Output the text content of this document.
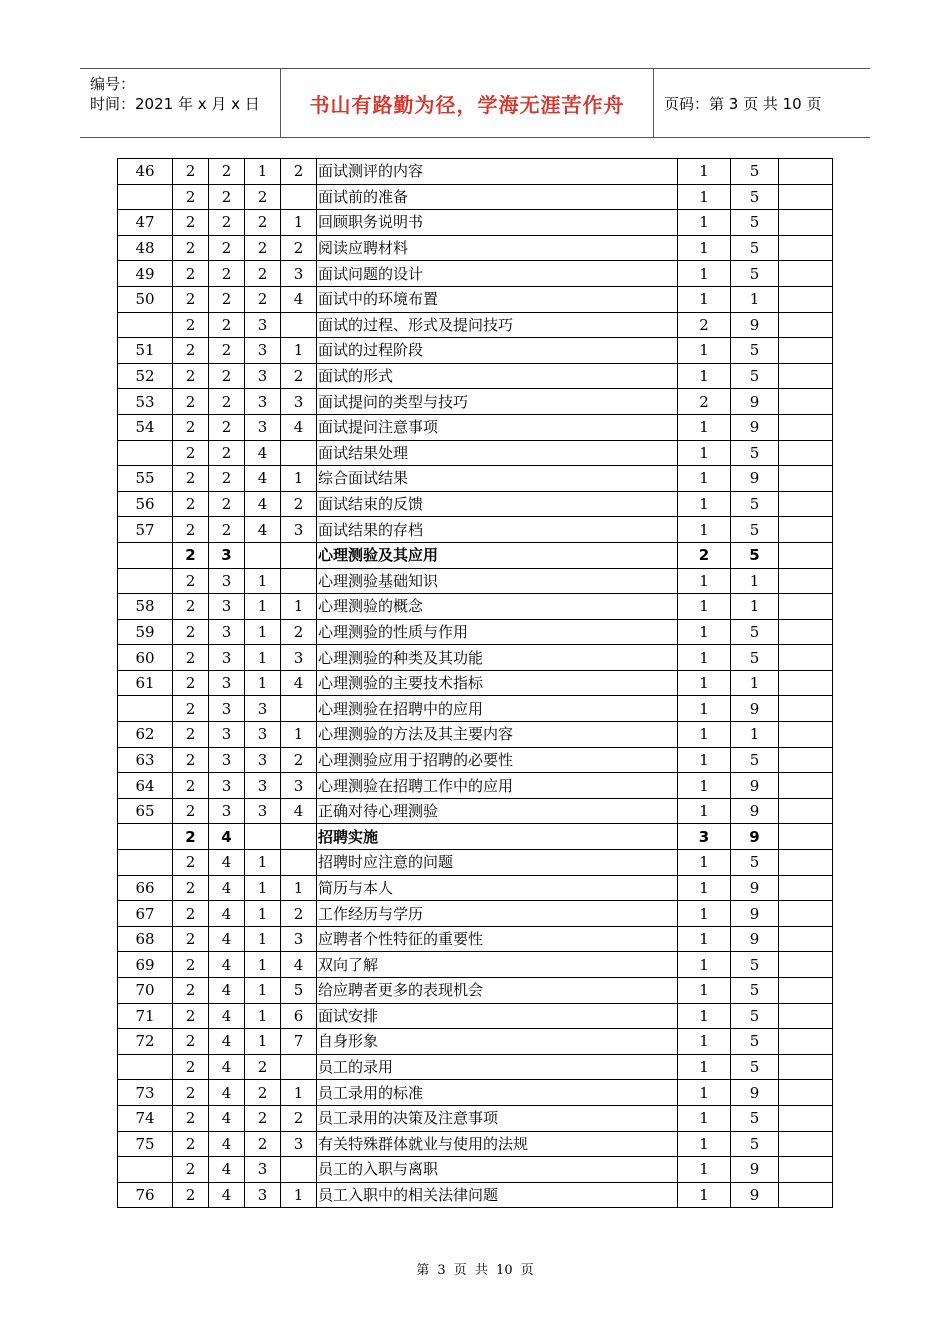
编号：
时间：2021 年 x 月 x 日 书山有路勤为径，学海无涯苦作舟	页码：第 3 页 共 10 页
46	2	2	1	2	面试测评的内容	1	5	
	2	2	2		面试前的准备	1	5	
47	2	2	2	1	回顾职务说明书	1	5	
48	2	2	2	2	阅读应聘材料	1	5	
49	2	2	2	3	面试问题的设计	1	5	
50	2	2	2	4	面试中的环境布置	1	1	
	2	2	3		面试的过程、形式及提问技巧	2	9	
51	2	2	3	1	面试的过程阶段	1	5	
52	2	2	3	2	面试的形式	1	5	
53	2	2	3	3	面试提问的类型与技巧	2	9	
54	2	2	3	4	面试提问注意事项	1	9	
	2	2	4		面试结果处理	1	5	
55	2	2	4	1	综合面试结果	1	9	
56	2	2	4	2	面试结束的反馈	1	5	
57	2	2	4	3	面试结果的存档	1	5	
	2	3			心理测验及其应用	2	5	
	2	3	1		心理测验基础知识	1	1	
58	2	3	1	1	心理测验的概念	1	1	
59	2	3	1	2	心理测验的性质与作用	1	5	
60	2	3	1	3	心理测验的种类及其功能	1	5	
61	2	3	1	4	心理测验的主要技术指标	1	1	
	2	3	3		心理测验在招聘中的应用	1	9	
62	2	3	3	1	心理测验的方法及其主要内容	1	1	
63	2	3	3	2	心理测验应用于招聘的必要性	1	5	
64	2	3	3	3	心理测验在招聘工作中的应用	1	9	
65	2	3	3	4	正确对待心理测验	1	9	
	2	4			招聘实施	3	9	
	2	4	1		招聘时应注意的问题	1	5	
66	2	4	1	1	简历与本人	1	9	
67	2	4	1	2	工作经历与学历	1	9	
68	2	4	1	3	应聘者个性特征的重要性	1	9	
69	2	4	1	4	双向了解	1	5	
70	2	4	1	5	给应聘者更多的表现机会	1	5	
71	2	4	1	6	面试安排	1	5	
72	2	4	1	7	自身形象	1	5	
	2	4	2		员工的录用	1	5	
73	2	4	2	1	员工录用的标准	1	9	
74	2	4	2	2	员工录用的决策及注意事项	1	5	
75	2	4	2	3	有关特殊群体就业与使用的法规	1	5	
	2	4	3		员工的入职与离职	1	9	
76	2	4	3	1	员工入职中的相关法律问题	1	9	
第 3 页 共 10 页
